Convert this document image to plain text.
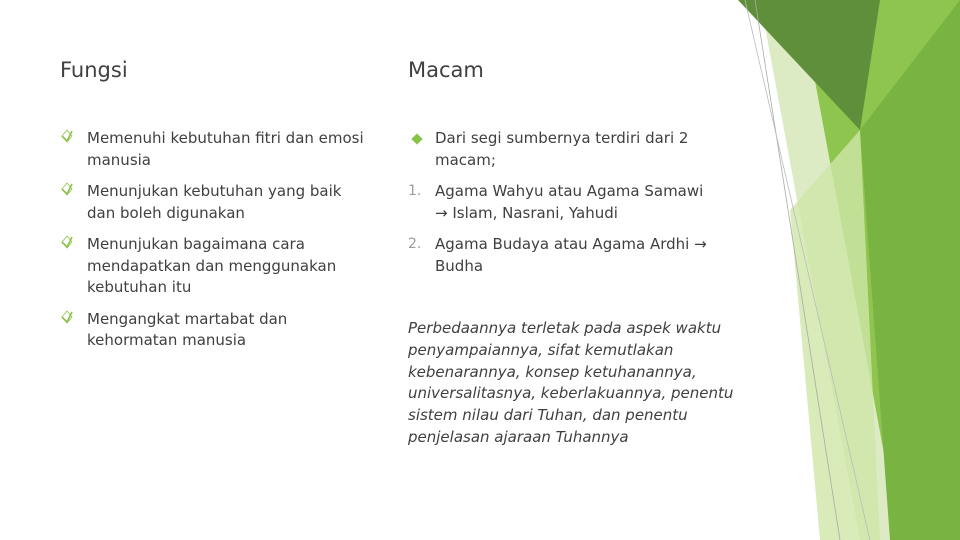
Fungsi	Macam
Memenuhi kebutuhan fitri dan emosi manusia
Menunjukan kebutuhan yang baik dan boleh digunakan
Menunjukan bagaimana cara mendapatkan dan menggunakan kebutuhan itu
Mengangkat martabat dan kehormatan manusia
Dari segi sumbernya terdiri dari 2 macam;
1. Agama Wahyu atau Agama Samawi
→ Islam, Nasrani, Yahudi
2. Agama Budaya atau Agama Ardhi → Budha

Perbedaannya terletak pada aspek waktu penyampaiannya, sifat kemutlakan kebenarannya, konsep ketuhanannya, universalitasnya, keberlakuannya, penentu sistem nilau dari Tuhan, dan penentu penjelasan ajaraan Tuhannya
